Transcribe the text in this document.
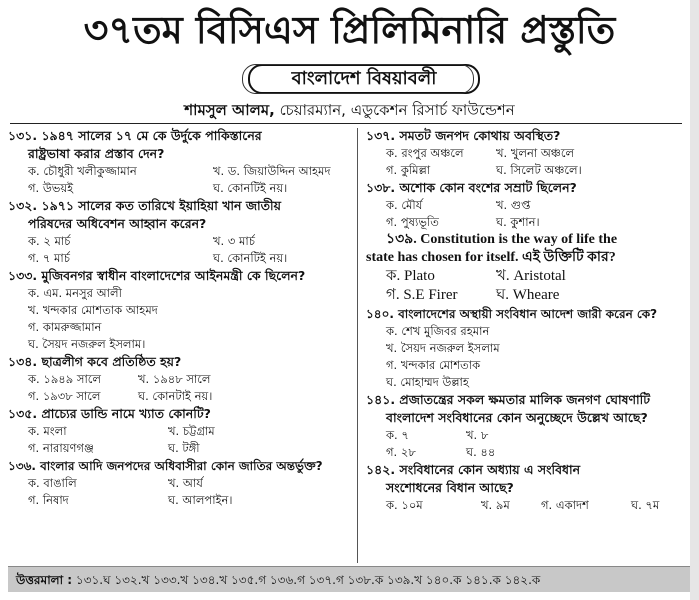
৩৭তম বিসিএস প্রিলিমিনারি প্রস্তুতি
বাংলাদেশ বিষয়াবলী
শামসুল আলম, চেয়ারম্যান, এডুকেশন রিসার্চ ফাউন্ডেশন
১৩১. ১৯৪৭ সালের ১৭ মে কে উর্দুকে পাকিস্তানের
রাষ্ট্রভাষা করার প্রস্তাব দেন?
ক. চৌধুরী খলীকুজ্জামান	খ. ড. জিয়াউদ্দিন আহমদ
গ. উভয়ই	ঘ. কোনটিই নয়।
১৩২. ১৯৭১ সালের কত তারিখে ইয়াহিয়া খান জাতীয়
পরিষদের অধিবেশন আহ্বান করেন?
ক. ২ মার্চ	খ. ৩ মার্চ
গ. ৭ মার্চ	ঘ. কোনটিই নয়।
১৩৩. মুজিবনগর স্বাধীন বাংলাদেশের আইনমন্ত্রী কে ছিলেন?
ক. এম. মনসুর আলী
খ. খন্দকার মোশতাক আহমদ
গ. কামরুজ্জামান
ঘ. সৈয়দ নজরুল ইসলাম।
১৩৪. ছাত্রলীগ কবে প্রতিষ্ঠিত হয়?
ক. ১৯৪৯ সালে	খ. ১৯৪৮ সালে
গ. ১৯৩৮ সালে	ঘ. কোনটাই নয়।
১৩৫. প্রাচ্যের ডান্ডি নামে খ্যাত কোনটি?
ক. মংলা	খ. চট্টগ্রাম
গ. নারায়ণগঞ্জ	ঘ. টঙ্গী
১৩৬. বাংলার আদি জনপদের অধিবাসীরা কোন জাতির অন্তর্ভুক্ত?
ক. বাঙালি	খ. আর্য
গ. নিষাদ	ঘ. আলপাইন।
১৩৭. সমতট জনপদ কোথায় অবস্থিত?
ক. রংপুর অঞ্চলে	খ. খুলনা অঞ্চলে
গ. কুমিল্লা	ঘ. সিলেট অঞ্চলে।
১৩৮. অশোক কোন বংশের সম্রাট ছিলেন?
ক. মৌর্য	খ. গুপ্ত
গ. পুষ্যভূতি	ঘ. কুশান।
১৩৯. Constitution is the way of life the
state has chosen for itself. এই উক্তিটি কার?
ক. Plato	খ. Aristotal
গ. S.E Firer	ঘ. Wheare
১৪০. বাংলাদেশের অস্থায়ী সংবিধান আদেশ জারী করেন কে?
ক. শেখ মুজিবর রহমান
খ. সৈয়দ নজরুল ইসলাম
গ. খন্দকার মোশতাক
ঘ. মোহাম্মদ উল্লাহ
১৪১. প্রজাতন্ত্রের সকল ক্ষমতার মালিক জনগণ ঘোষণাটি
বাংলাদেশ সংবিধানের কোন অনুচ্ছেদে উল্লেখ আছে?
ক. ৭	খ. ৮
গ. ২৮	ঘ. ৪৪
১৪২. সংবিধানের কোন অধ্যায় এ সংবিধান
সংশোধনের বিধান আছে?
ক. ১০ম	খ. ৯ম	গ. একাদশ	ঘ. ৭ম
উত্তরমালা : ১৩১.ঘ ১৩২.খ ১৩৩.খ ১৩৪.খ ১৩৫.গ ১৩৬.গ ১৩৭.গ ১৩৮.ক ১৩৯.খ ১৪০.ক ১৪১.ক ১৪২.ক
